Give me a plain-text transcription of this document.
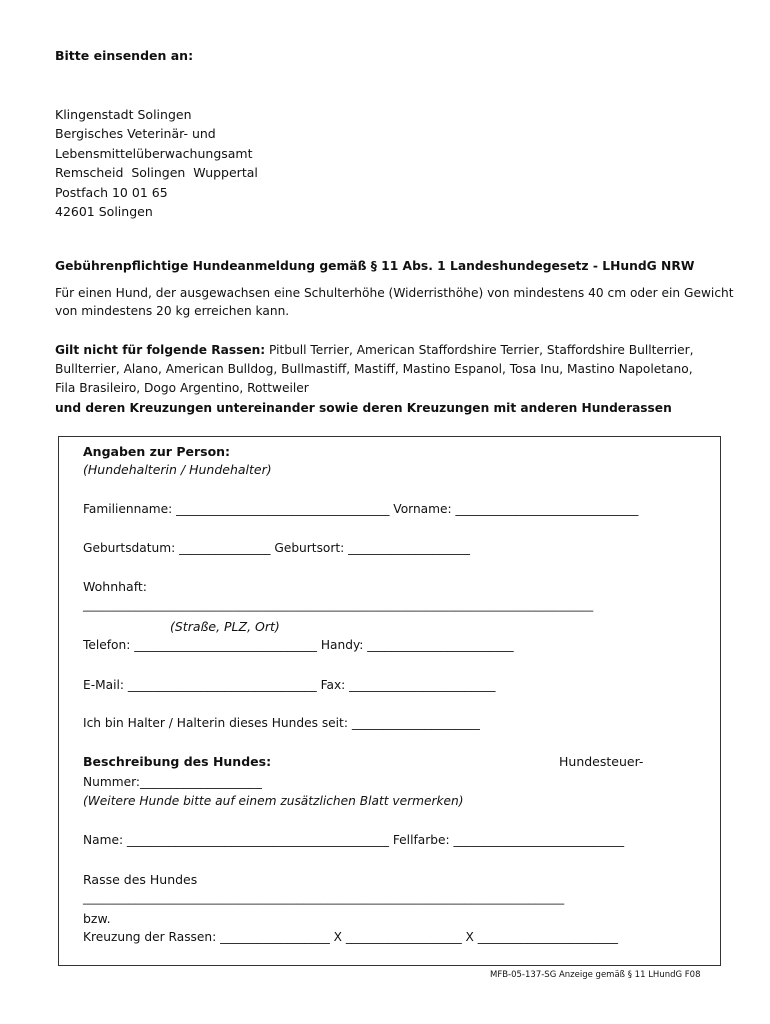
Bitte einsenden an:
Klingenstadt Solingen
Bergisches Veterinär- und
Lebensmittelüberwachungsamt
Remscheid  Solingen  Wuppertal
Postfach 10 01 65
42601 Solingen
Gebührenpflichtige Hundeanmeldung gemäß § 11 Abs. 1 Landeshundegesetz - LHundG NRW
Für einen Hund, der ausgewachsen eine Schulterhöhe (Widerristhöhe) von mindestens 40 cm oder ein Gewicht
von mindestens 20 kg erreichen kann.
Gilt nicht für folgende Rassen: Pitbull Terrier, American Staffordshire Terrier, Staffordshire Bullterrier,
Bullterrier, Alano, American Bulldog, Bullmastiff, Mastiff, Mastino Espanol, Tosa Inu, Mastino Napoletano,
Fila Brasileiro, Dogo Argentino, Rottweiler
und deren Kreuzungen untereinander sowie deren Kreuzungen mit anderen Hunderassen
Angaben zur Person:
(Hundehalterin / Hundehalter)
Familienname: ___________________________________ Vorname: ______________________________
Geburtsdatum: _______________ Geburtsort: ____________________
Wohnhaft:
________________________________________________________________________________________
(Straße, PLZ, Ort)
Telefon: ______________________________ Handy: ________________________
E-Mail: _______________________________ Fax: ________________________
Ich bin Halter / Halterin dieses Hundes seit: _____________________
Beschreibung des Hundes:	Hundesteuer-
Nummer:____________________
(Weitere Hunde bitte auf einem zusätzlichen Blatt vermerken)
Name: ___________________________________________ Fellfarbe: ____________________________
Rasse des Hundes
___________________________________________________________________________________
bzw.
Kreuzung der Rassen: __________________ X ___________________ X _______________________
MFB-05-137-SG Anzeige gemäß § 11 LHundG F08
